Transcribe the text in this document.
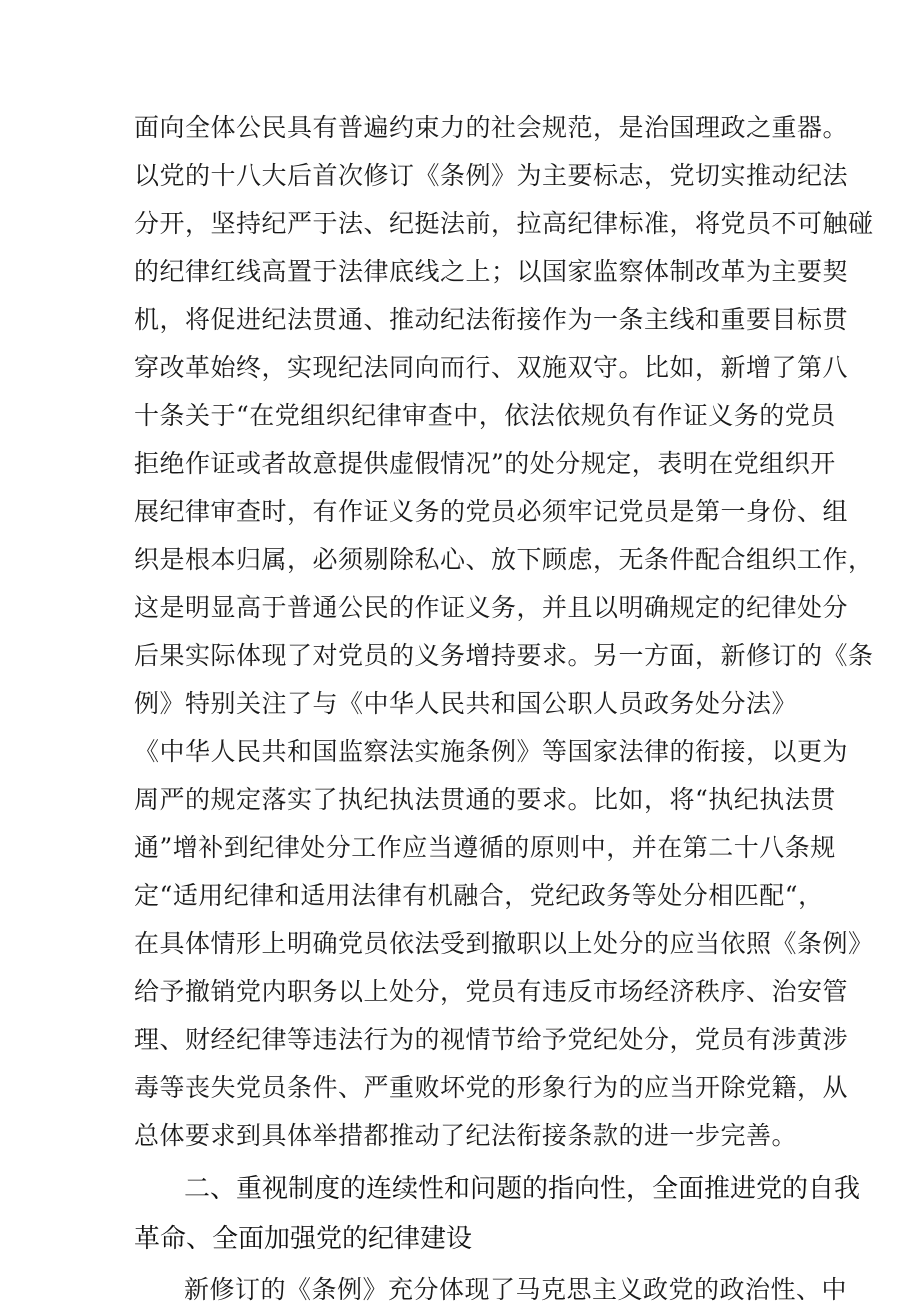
面向全体公民具有普遍约束力的社会规范，是治国理政之重器。
以党的十八大后首次修订《条例》为主要标志，党切实推动纪法
分开，坚持纪严于法、纪挺法前，拉高纪律标准，将党员不可触碰
的纪律红线高置于法律底线之上；以国家监察体制改革为主要契
机，将促进纪法贯通、推动纪法衔接作为一条主线和重要目标贯
穿改革始终，实现纪法同向而行、双施双守。比如，新增了第八
十条关于“在党组织纪律审查中，依法依规负有作证义务的党员
拒绝作证或者故意提供虚假情况”的处分规定，表明在党组织开
展纪律审查时，有作证义务的党员必须牢记党员是第一身份、组
织是根本归属，必须剔除私心、放下顾虑，无条件配合组织工作，
这是明显高于普通公民的作证义务，并且以明确规定的纪律处分
后果实际体现了对党员的义务增持要求。另一方面，新修订的《条
例》特别关注了与《中华人民共和国公职人员政务处分法》
《中华人民共和国监察法实施条例》等国家法律的衔接，以更为
周严的规定落实了执纪执法贯通的要求。比如，将“执纪执法贯
通”增补到纪律处分工作应当遵循的原则中，并在第二十八条规
定“适用纪律和适用法律有机融合，党纪政务等处分相匹配“，
在具体情形上明确党员依法受到撤职以上处分的应当依照《条例》
给予撤销党内职务以上处分，党员有违反市场经济秩序、治安管
理、财经纪律等违法行为的视情节给予党纪处分，党员有涉黄涉
毒等丧失党员条件、严重败坏党的形象行为的应当开除党籍，从
总体要求到具体举措都推动了纪法衔接条款的进一步完善。
二、重视制度的连续性和问题的指向性，全面推进党的自我
革命、全面加强党的纪律建设
新修订的《条例》充分体现了马克思主义政党的政治性、中
